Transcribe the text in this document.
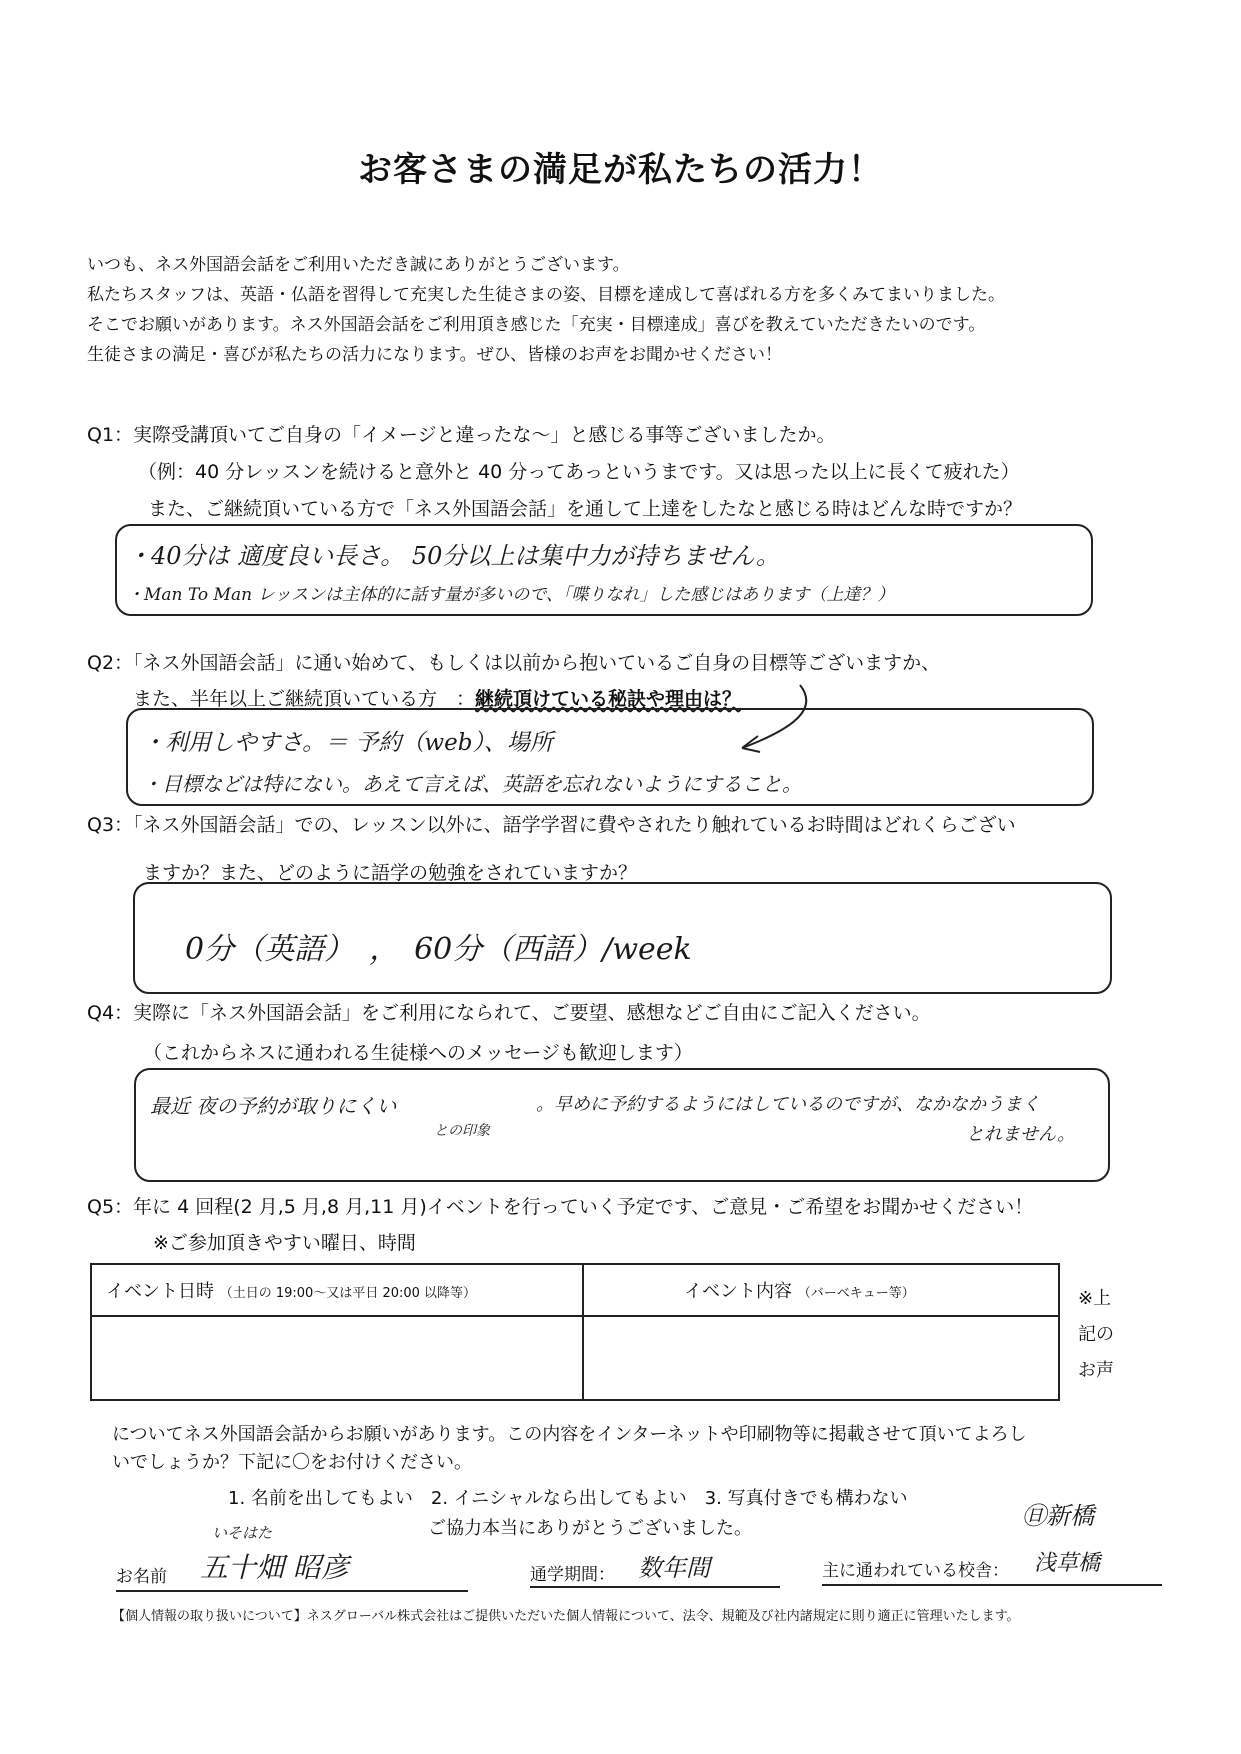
お客さまの満足が私たちの活力！
いつも、ネス外国語会話をご利用いただき誠にありがとうございます。
私たちスタッフは、英語・仏語を習得して充実した生徒さまの姿、目標を達成して喜ばれる方を多くみてまいりました。
そこでお願いがあります。ネス外国語会話をご利用頂き感じた「充実・目標達成」喜びを教えていただきたいのです。
生徒さまの満足・喜びが私たちの活力になります。ぜひ、皆様のお声をお聞かせください！
Q1：実際受講頂いてご自身の「イメージと違ったな～」と感じる事等ございましたか。
（例：40 分レッスンを続けると意外と 40 分ってあっというまです。又は思った以上に長くて疲れた）
また、ご継続頂いている方で「ネス外国語会話」を通して上達をしたなと感じる時はどんな時ですか？
・40分は 適度良い長さ。 50分以上は集中力が持ちません。
・Man To Man レッスンは主体的に話す量が多いので、「喋りなれ」した感じはあります（上達？）
Q2：「ネス外国語会話」に通い始めて、もしくは以前から抱いているご自身の目標等ございますか、
また、半年以上ご継続頂いている方　：継続頂けている秘訣や理由は？
・利用しやすさ。＝ 予約（web）、場所
・目標などは特にない。あえて言えば、英語を忘れないようにすること。
Q3：「ネス外国語会話」での、レッスン以外に、語学学習に費やされたり触れているお時間はどれくらござい
ますか？また、どのように語学の勉強をされていますか？
0分（英語）　，　60分（西語）/week
Q4：実際に「ネス外国語会話」をご利用になられて、ご要望、感想などご自由にご記入ください。
（これからネスに通われる生徒様へのメッセージも歓迎します）
最近 夜の予約が取りにくい
との印象
。早めに予約するようにはしているのですが、なかなかうまく
とれません。
Q5：年に 4 回程(2 月,5 月,8 月,11 月)イベントを行っていく予定です、ご意見・ご希望をお聞かせください！
※ご参加頂きやすい曜日、時間
イベント日時 （土日の 19:00～又は平日 20:00 以降等）	イベント内容 （バーベキュー等）
		※上
記の
お声
についてネス外国語会話からお願いがあります。この内容をインターネットや印刷物等に掲載させて頂いてよろし
いでしょうか？下記に〇をお付けください。
1. 名前を出してもよい　2. イニシャルなら出してもよい　3. 写真付きでも構わない
ご協力本当にありがとうございました。
お名前
いそはた
五十畑 昭彦	通学期間： 数年間	主に通われている校舎： 浅草橋
㊐新橋
【個人情報の取り扱いについて】ネスグローバル株式会社はご提供いただいた個人情報について、法令、規範及び社内諸規定に則り適正に管理いたします。
